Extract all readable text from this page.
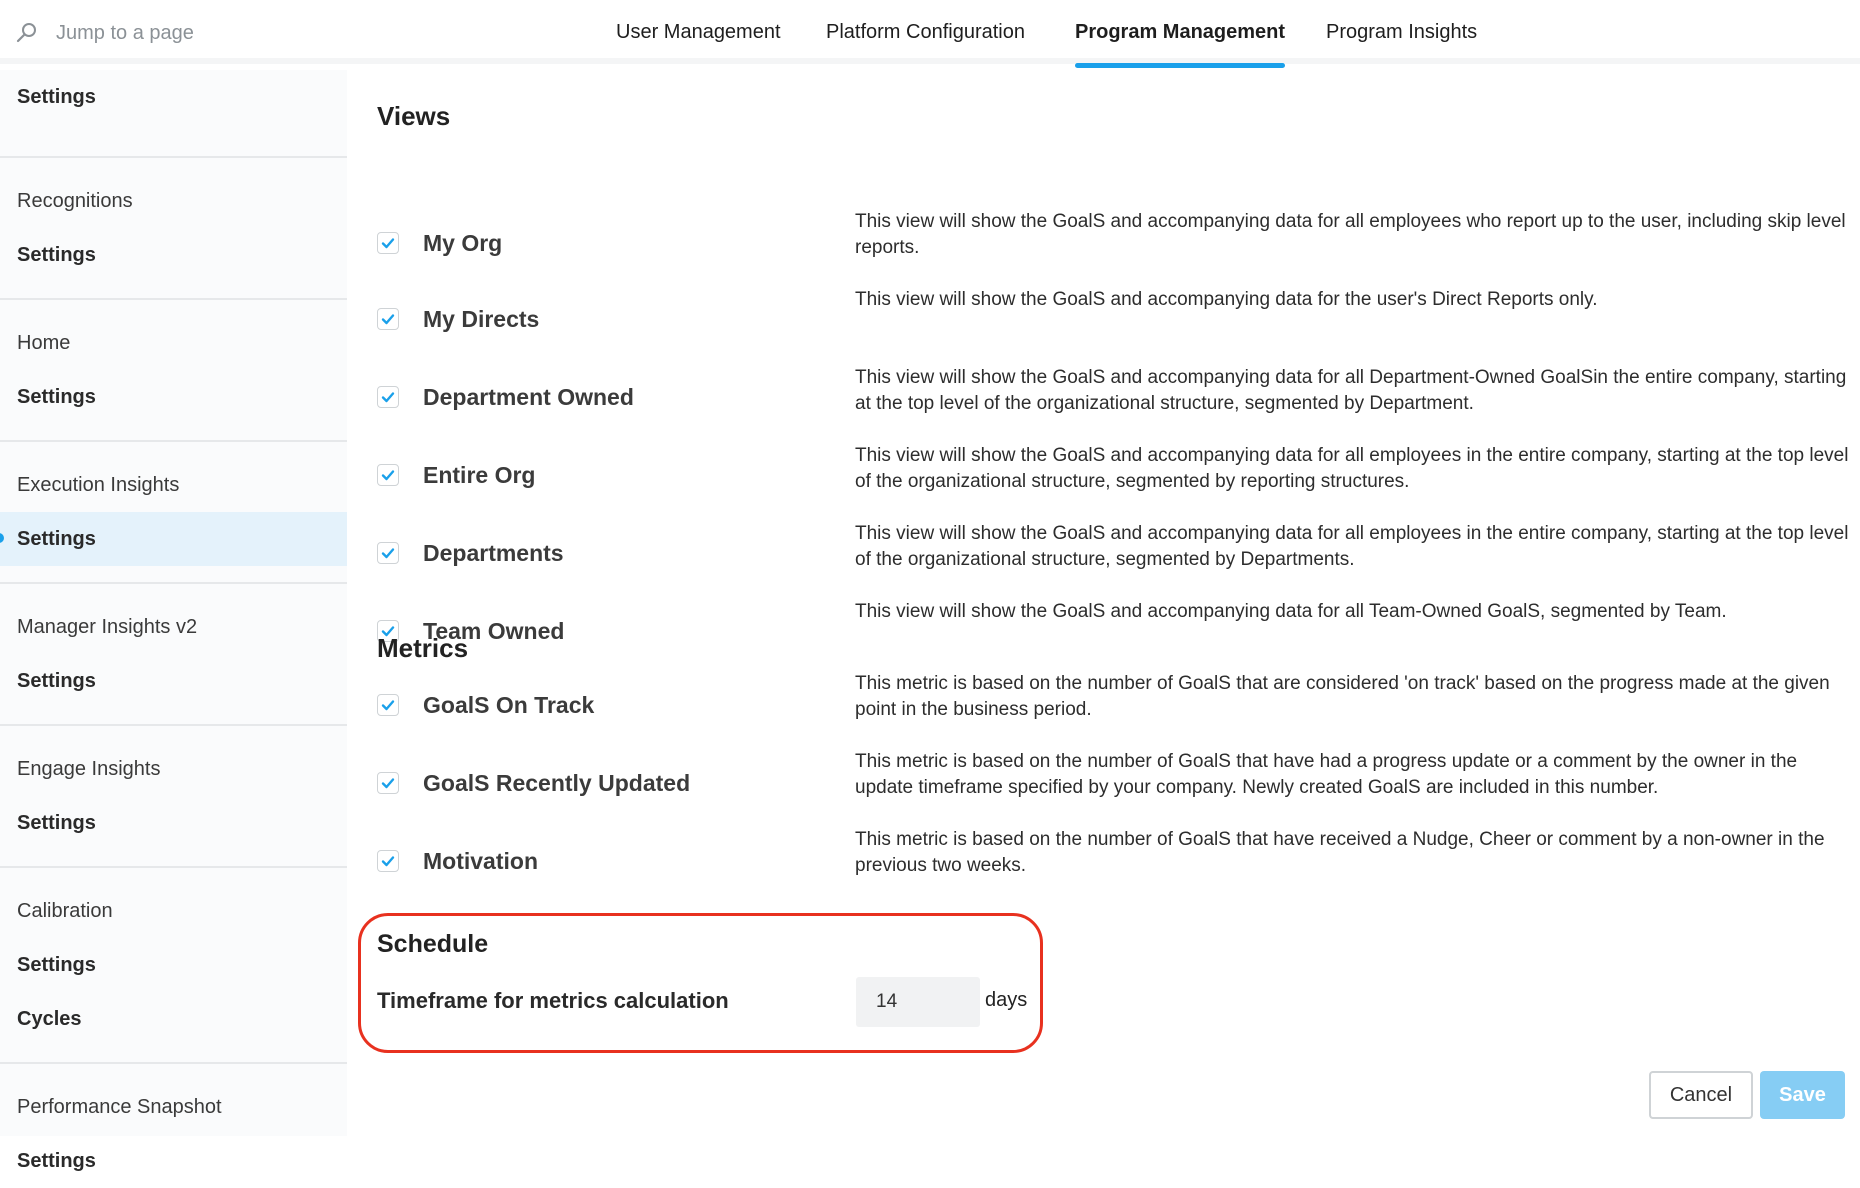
Jump to a page	User Management Platform Configuration	Program Management Program Insights
Settings
Recognitions
Settings
Home
Settings
Execution Insights
Settings
Manager Insights v2
Settings
Engage Insights
Settings
Calibration
Settings
Cycles
Performance Snapshot
Settings
Views
My Org
This view will show the GoalS and accompanying data for all employees who report up to the user, including skip level reports.
My Directs
This view will show the GoalS and accompanying data for the user's Direct Reports only.
Department Owned
This view will show the GoalS and accompanying data for all Department-Owned GoalSin the entire company, starting at the top level of the organizational structure, segmented by Department.
Entire Org
This view will show the GoalS and accompanying data for all employees in the entire company, starting at the top level of the organizational structure, segmented by reporting structures.
Departments
This view will show the GoalS and accompanying data for all employees in the entire company, starting at the top level of the organizational structure, segmented by Departments.
Team Owned
This view will show the GoalS and accompanying data for all Team-Owned GoalS, segmented by Team.
Metrics
GoalS On Track
This metric is based on the number of GoalS that are considered 'on track' based on the progress made at the given point in the business period.
GoalS Recently Updated
This metric is based on the number of GoalS that have had a progress update or a comment by the owner in the update timeframe specified by your company. Newly created GoalS are included in this number.
Motivation
This metric is based on the number of GoalS that have received a Nudge, Cheer or comment by a non-owner in the previous two weeks.
Schedule
Timeframe for metrics calculation
14	days
Cancel	Save
